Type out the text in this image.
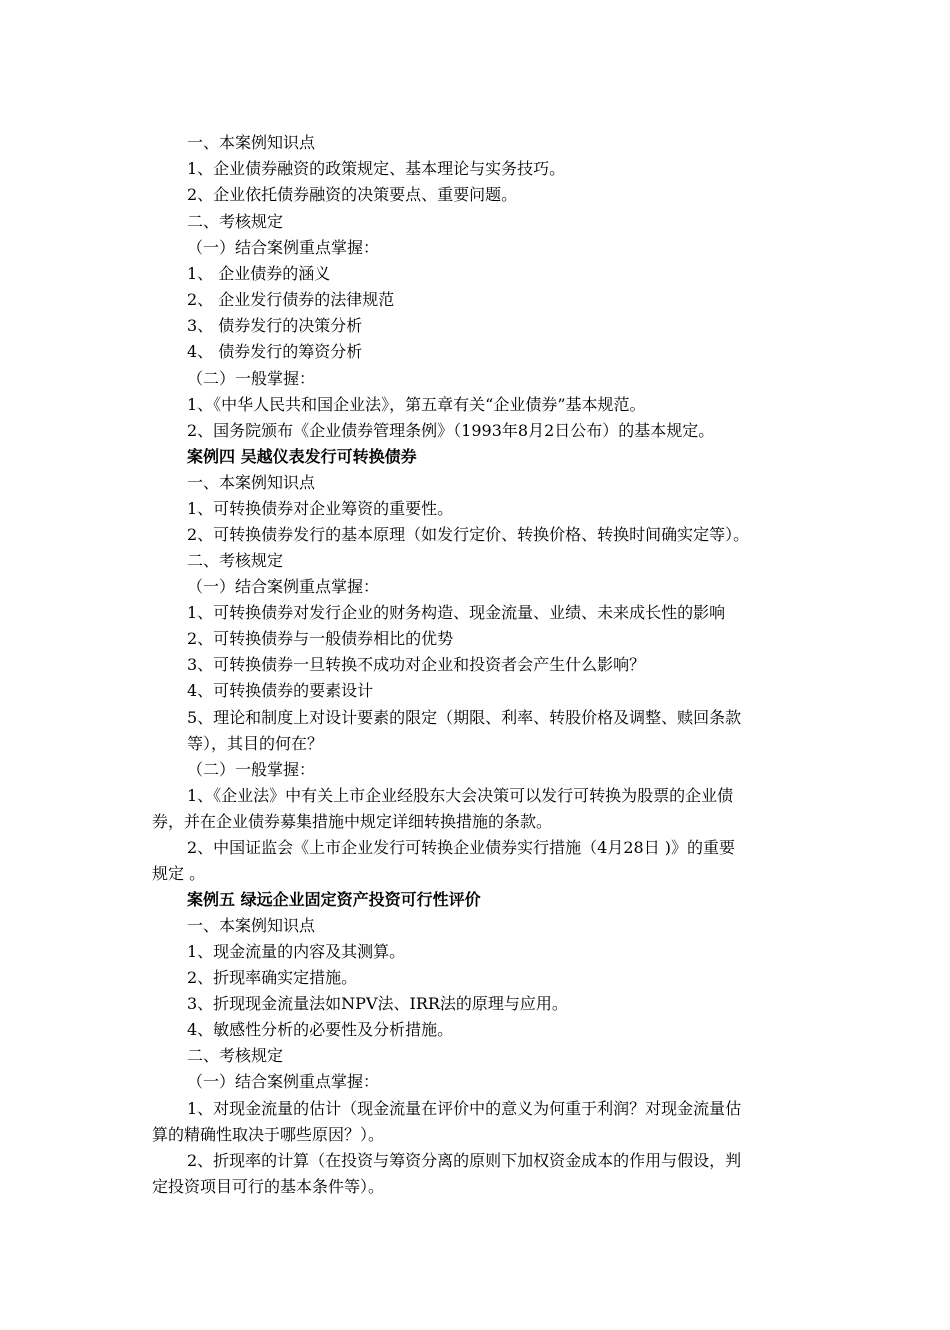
一、本案例知识点
1、企业债券融资的政策规定、基本理论与实务技巧。
2、企业依托债券融资的决策要点、重要问题。
二、考核规定
（一）结合案例重点掌握：
1、 企业债券的涵义
2、 企业发行债券的法律规范
3、 债券发行的决策分析
4、 债券发行的筹资分析
（二）一般掌握：
1、《中华人民共和国企业法》，第五章有关“企业债券”基本规范。
2、国务院颁布《企业债券管理条例》（1993年8月2日公布）的基本规定。
案例四 吴越仪表发行可转换债券
一、本案例知识点
1、可转换债券对企业筹资的重要性。
2、可转换债券发行的基本原理（如发行定价、转换价格、转换时间确实定等）。
二、考核规定
（一）结合案例重点掌握：
1、可转换债券对发行企业的财务构造、现金流量、业绩、未来成长性的影响
2、可转换债券与一般债券相比的优势
3、可转换债券一旦转换不成功对企业和投资者会产生什么影响？
4、可转换债券的要素设计
5、理论和制度上对设计要素的限定（期限、利率、转股价格及调整、赎回条款
等），其目的何在？
（二）一般掌握：
1、《企业法》中有关上市企业经股东大会决策可以发行可转换为股票的企业债
券，并在企业债券募集措施中规定详细转换措施的条款。
2、中国证监会《上市企业发行可转换企业债券实行措施（4月28日 )》的重要
规定 。
案例五 绿远企业固定资产投资可行性评价
一、本案例知识点
1、现金流量的内容及其测算。
2、折现率确实定措施。
3、折现现金流量法如NPV法、IRR法的原理与应用。
4、敏感性分析的必要性及分析措施。
二、考核规定
（一）结合案例重点掌握：
1、对现金流量的估计（现金流量在评价中的意义为何重于利润？对现金流量估
算的精确性取决于哪些原因？）。
2、折现率的计算（在投资与筹资分离的原则下加权资金成本的作用与假设，判
定投资项目可行的基本条件等）。
